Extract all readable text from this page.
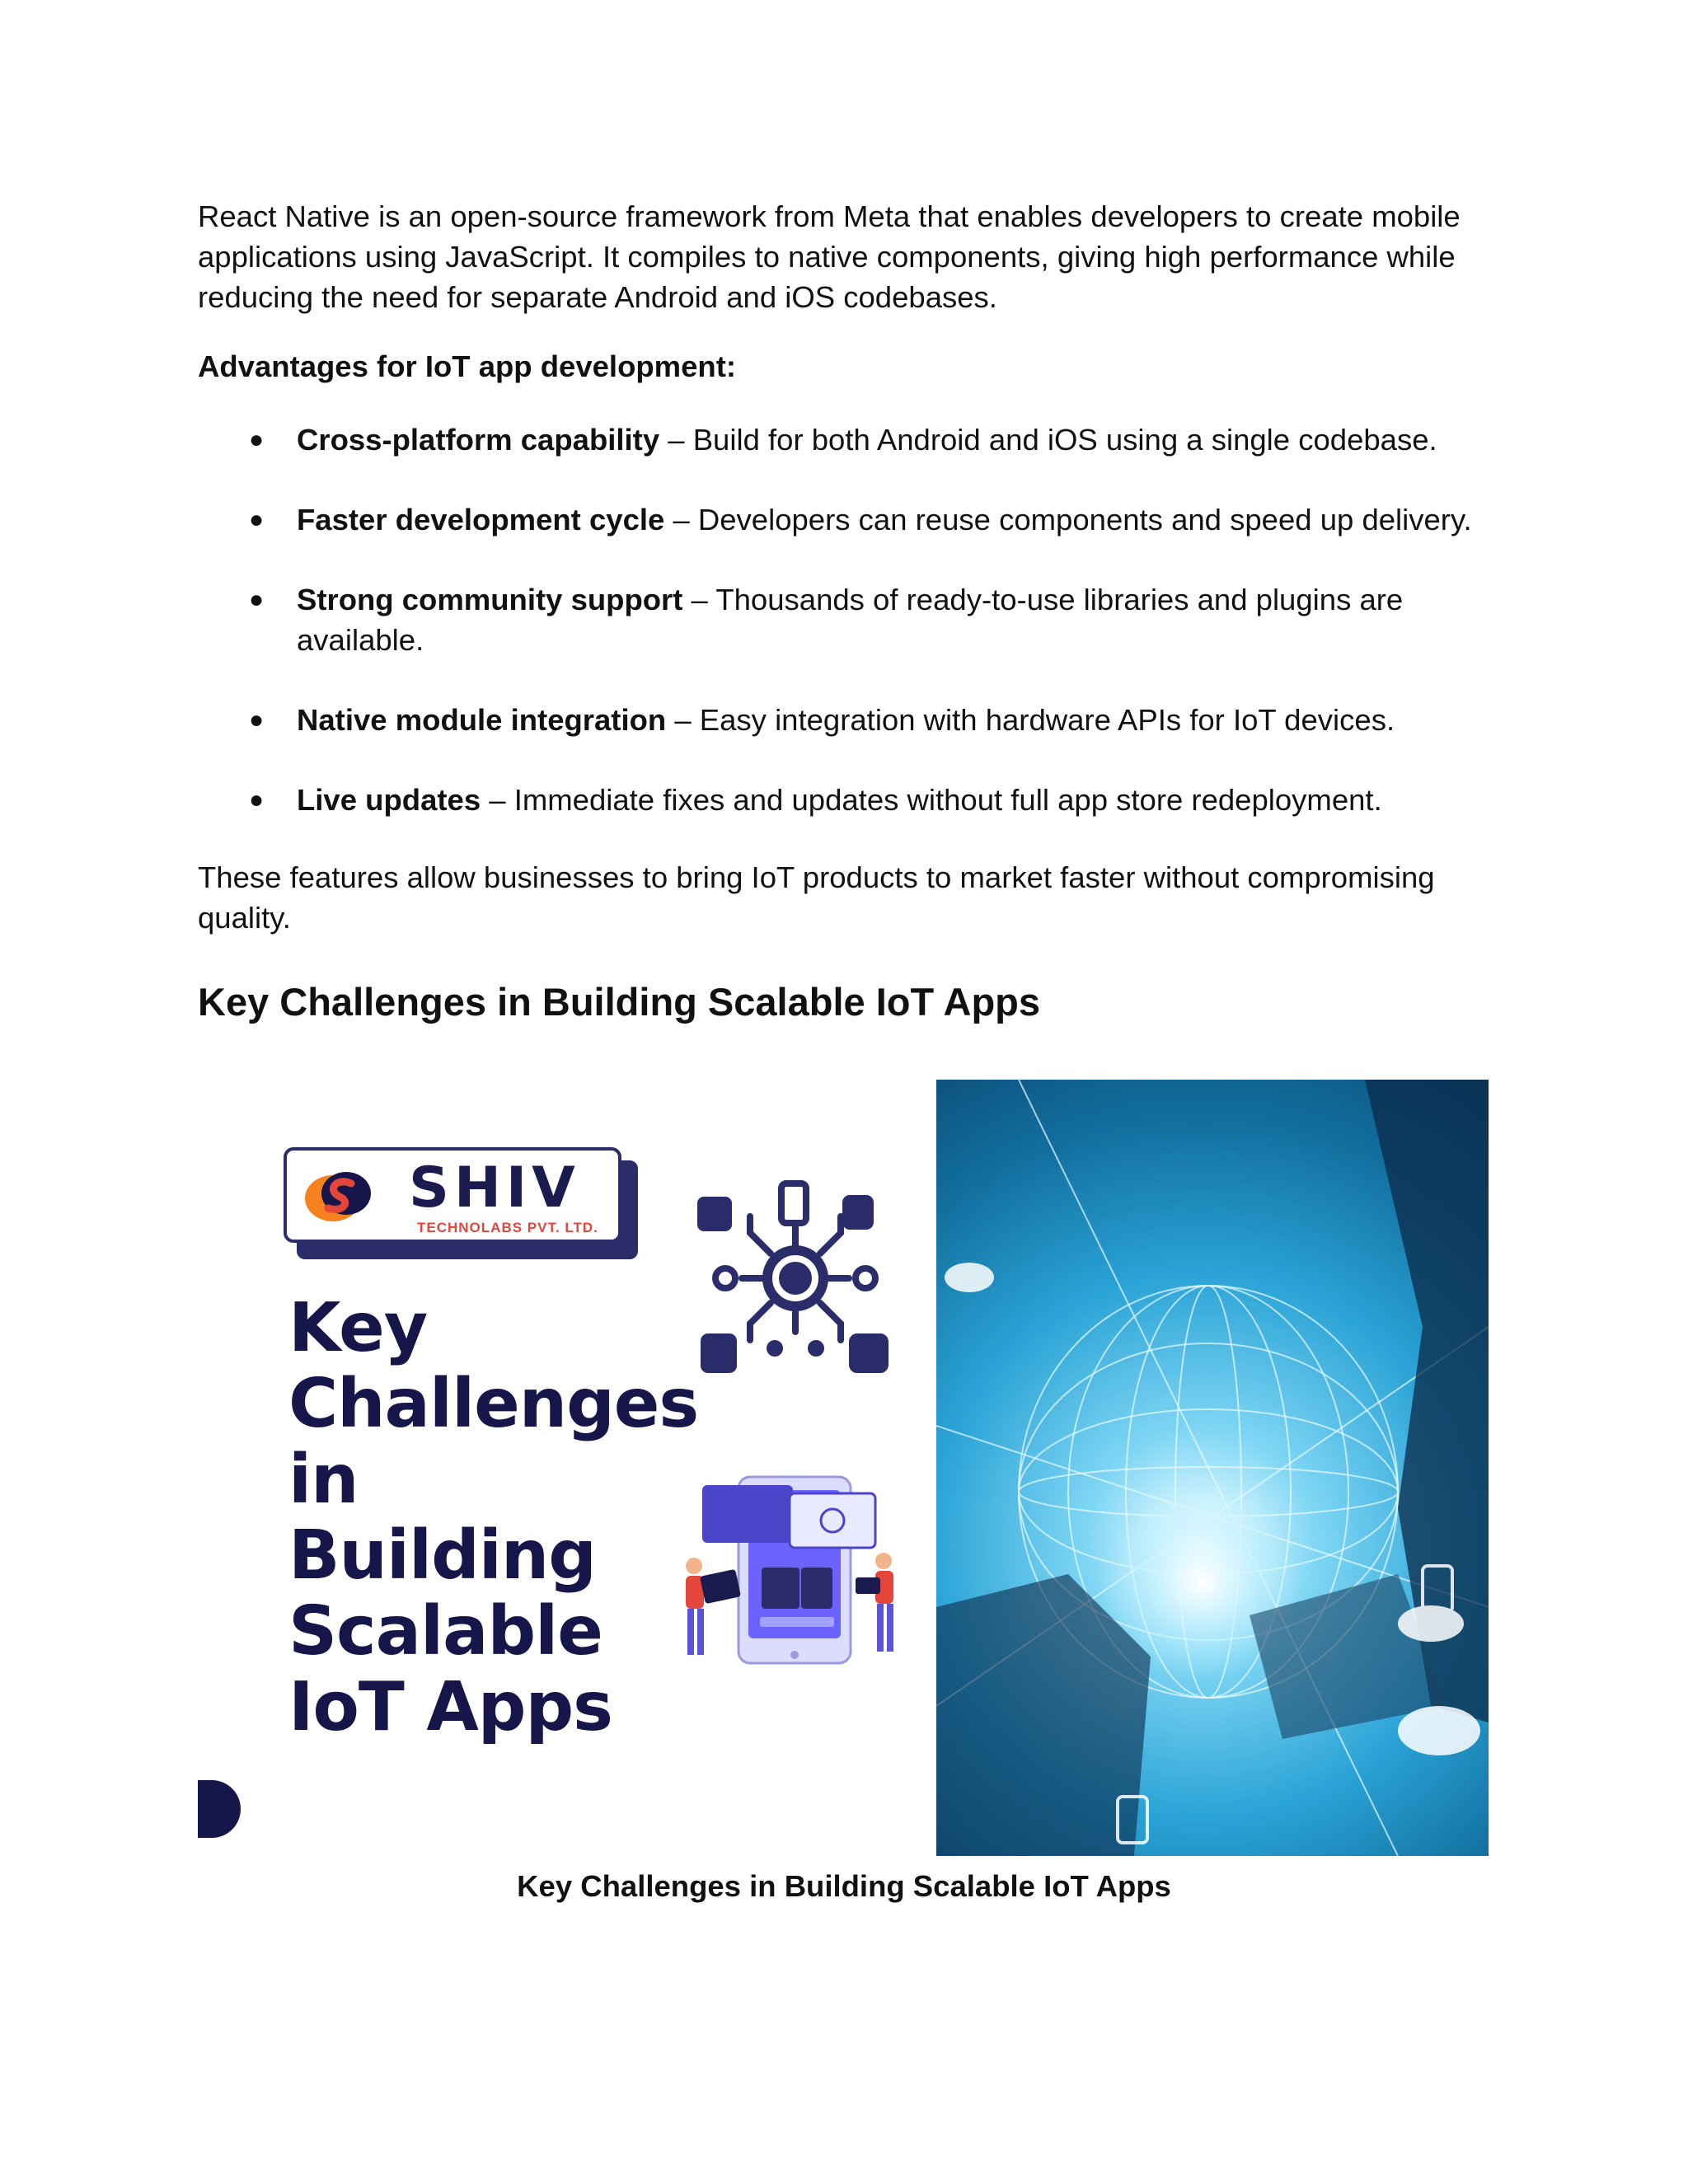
React Native is an open-source framework from Meta that enables developers to create mobile applications using JavaScript. It compiles to native components, giving high performance while reducing the need for separate Android and iOS codebases.

Advantages for IoT app development:

● Cross-platform capability – Build for both Android and iOS using a single codebase.
● Faster development cycle – Developers can reuse components and speed up delivery.
● Strong community support – Thousands of ready-to-use libraries and plugins are available.
● Native module integration – Easy integration with hardware APIs for IoT devices.
● Live updates – Immediate fixes and updates without full app store redeployment.

These features allow businesses to bring IoT products to market faster without compromising quality.

Key Challenges in Building Scalable IoT Apps
SHIV
TECHNOLABS PVT. LTD.
Key
Challenges
in
Building
Scalable
IoT Apps

Key Challenges in Building Scalable IoT Apps
